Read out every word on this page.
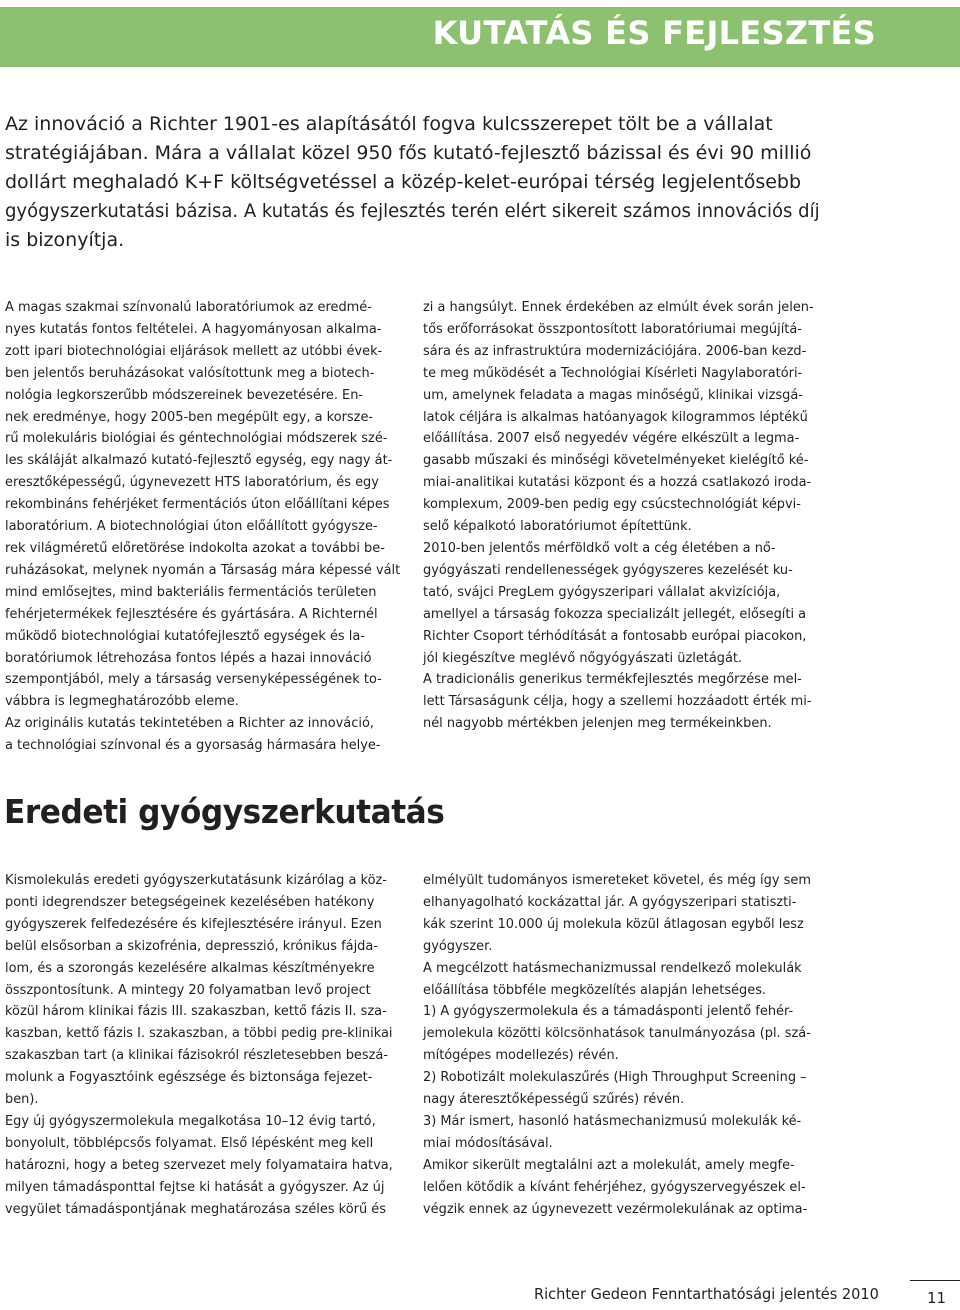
KUTATÁS ÉS FEJLESZTÉS
Az innováció a Richter 1901-es alapításától fogva kulcsszerepet tölt be a vállalat
stratégiájában. Mára a vállalat közel 950 fős kutató-fejlesztő bázissal és évi 90 millió
dollárt meghaladó K+F költségvetéssel a közép-kelet-európai térség legjelentősebb
gyógyszerkutatási bázisa. A kutatás és fejlesztés terén elért sikereit számos innovációs díj
is bizonyítja.
A magas szakmai színvonalú laboratóriumok az eredmé-
nyes kutatás fontos feltételei. A hagyományosan alkalma-
zott ipari biotechnológiai eljárások mellett az utóbbi évek-
ben jelentős beruházásokat valósítottunk meg a biotech-
nológia legkorszerűbb módszereinek bevezetésére. En-
nek eredménye, hogy 2005-ben megépült egy, a korsze-
rű molekuláris biológiai és géntechnológiai módszerek szé-
les skáláját alkalmazó kutató-fejlesztő egység, egy nagy át-
eresztőképességű, úgynevezett HTS laboratórium, és egy
rekombináns fehérjéket fermentációs úton előállítani képes
laboratórium. A biotechnológiai úton előállított gyógysze-
rek világméretű előretörése indokolta azokat a további be-
ruházásokat, melynek nyomán a Társaság mára képessé vált
mind emlősejtes, mind bakteriális fermentációs területen
fehérjetermékek fejlesztésére és gyártására. A Richternél
működő biotechnológiai kutatófejlesztő egységek és la-
boratóriumok létrehozása fontos lépés a hazai innováció
szempontjából, mely a társaság versenyképességének to-
vábbra is legmeghatározóbb eleme.
Az originális kutatás tekintetében a Richter az innováció,
a technológiai színvonal és a gyorsaság hármasára helye-
zi a hangsúlyt. Ennek érdekében az elmúlt évek során jelen-
tős erőforrásokat összpontosított laboratóriumai megújítá-
sára és az infrastruktúra modernizációjára. 2006-ban kezd-
te meg működését a Technológiai Kísérleti Nagylaboratóri-
um, amelynek feladata a magas minőségű, klinikai vizsgá-
latok céljára is alkalmas hatóanyagok kilogrammos léptékű
előállítása. 2007 első negyedév végére elkészült a legma-
gasabb műszaki és minőségi követelményeket kielégítő ké-
miai-analitikai kutatási központ és a hozzá csatlakozó iroda-
komplexum, 2009-ben pedig egy csúcstechnológiát képvi-
selő képalkotó laboratóriumot építettünk.
2010-ben jelentős mérföldkő volt a cég életében a nő-
gyógyászati rendellenességek gyógyszeres kezelését ku-
tató, svájci PregLem gyógyszeripari vállalat akvizíciója,
amellyel a társaság fokozza specializált jellegét, elősegíti a
Richter Csoport térhódítását a fontosabb európai piacokon,
jól kiegészítve meglévő nőgyógyászati üzletágát.
A tradicionális generikus termékfejlesztés megőrzése mel-
lett Társaságunk célja, hogy a szellemi hozzáadott érték mi-
nél nagyobb mértékben jelenjen meg termékeinkben.
Eredeti gyógyszerkutatás
Kismolekulás eredeti gyógyszerkutatásunk kizárólag a köz-
ponti idegrendszer betegségeinek kezelésében hatékony
gyógyszerek felfedezésére és kifejlesztésére irányul. Ezen
belül elsősorban a skizofrénia, depresszió, krónikus fájda-
lom, és a szorongás kezelésére alkalmas készítményekre
összpontosítunk. A mintegy 20 folyamatban levő project
közül három klinikai fázis III. szakaszban, kettő fázis II. sza-
kaszban, kettő fázis I. szakaszban, a többi pedig pre-klinikai
szakaszban tart (a klinikai fázisokról részletesebben beszá-
molunk a Fogyasztóink egészsége és biztonsága fejezet-
ben).
Egy új gyógyszermolekula megalkotása 10–12 évig tartó,
bonyolult, többlépcsős folyamat. Első lépésként meg kell
határozni, hogy a beteg szervezet mely folyamataira hatva,
milyen támadásponttal fejtse ki hatását a gyógyszer. Az új
vegyület támadáspontjának meghatározása széles körű és
elmélyült tudományos ismereteket követel, és még így sem
elhanyagolható kockázattal jár. A gyógyszeripari statiszti-
kák szerint 10.000 új molekula közül átlagosan egyből lesz
gyógyszer.
A megcélzott hatásmechanizmussal rendelkező molekulák
előállítása többféle megközelítés alapján lehetséges.
1) A gyógyszermolekula és a támadásponti jelentő fehér-
jemolekula közötti kölcsönhatások tanulmányozása (pl. szá-
mítógépes modellezés) révén.
2) Robotizált molekulaszűrés (High Throughput Screening –
nagy áteresztőképességű szűrés) révén.
3) Már ismert, hasonló hatásmechanizmusú molekulák ké-
miai módosításával.
Amikor sikerült megtalálni azt a molekulát, amely megfe-
lelően kötődik a kívánt fehérjéhez, gyógyszervegyészek el-
végzik ennek az úgynevezett vezérmolekulának az optima-
Richter Gedeon Fenntarthatósági jelentés 2010	11
